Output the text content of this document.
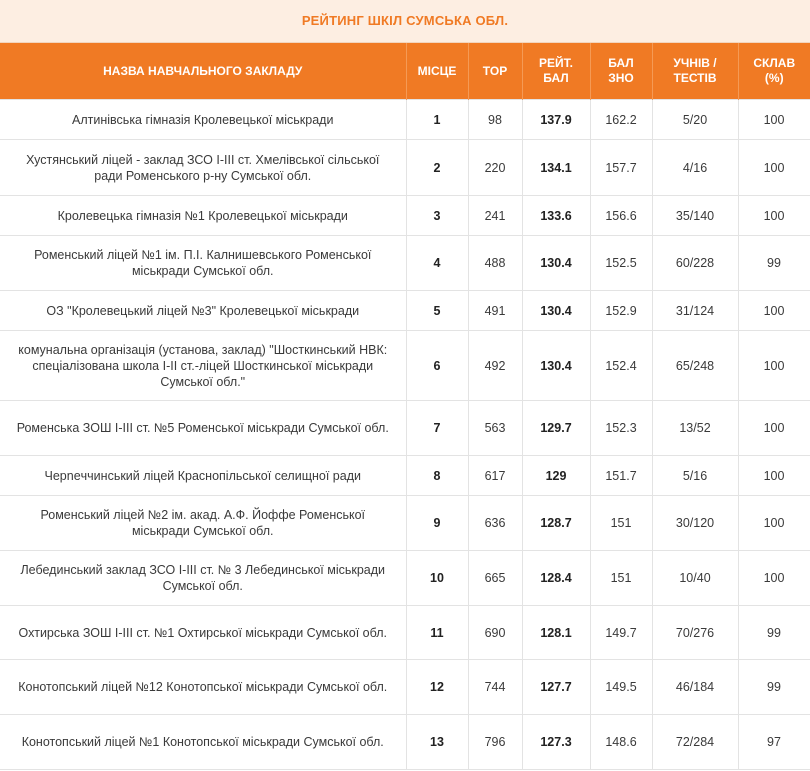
РЕЙТИНГ ШКІЛ СУМСЬКА ОБЛ.
НАЗВА НАВЧАЛЬНОГО ЗАКЛАДУ	МІСЦЕ	TOP	РЕЙТ. БАЛ	БАЛ ЗНО	УЧНІВ / ТЕСТІВ	СКЛАВ (%)
Алтинівська гімназія Кролевецької міськради	1	98	137.9	162.2	5/20	100
Хустянський ліцей - заклад ЗСО І-ІІІ ст. Хмелівської сільської ради Роменського р-ну Сумської обл.	2	220	134.1	157.7	4/16	100
Кролевецька гімназія №1 Кролевецької міськради	3	241	133.6	156.6	35/140	100
Роменський ліцей №1 ім. П.І. Калнишевського Роменської міськради Сумської обл.	4	488	130.4	152.5	60/228	99
ОЗ "Кролевецький ліцей №3" Кролевецької міськради	5	491	130.4	152.9	31/124	100
комунальна організація (установа, заклад) "Шосткинський НВК: спеціалізована школа І-ІІ ст.-ліцей Шосткинської міськради Сумської обл."	6	492	130.4	152.4	65/248	100
Роменська ЗОШ І-ІІІ ст. №5 Роменської міськради Сумської обл.	7	563	129.7	152.3	13/52	100
Черneччинський ліцей Краснопільської селищної ради	8	617	129	151.7	5/16	100
Роменський ліцей №2 ім. акад. А.Ф. Йоффе Роменської міськради Сумської обл.	9	636	128.7	151	30/120	100
Лебединський заклад ЗСО І-ІІІ ст. № 3 Лебединської міськради Сумської обл.	10	665	128.4	151	10/40	100
Охтирська ЗОШ І-ІІІ ст. №1 Охтирської міськради Сумської обл.	11	690	128.1	149.7	70/276	99
Конотопський ліцей №12 Конотопської міськради Сумської обл.	12	744	127.7	149.5	46/184	99
Конотопський ліцей №1 Конотопської міськради Сумської обл.	13	796	127.3	148.6	72/284	97
